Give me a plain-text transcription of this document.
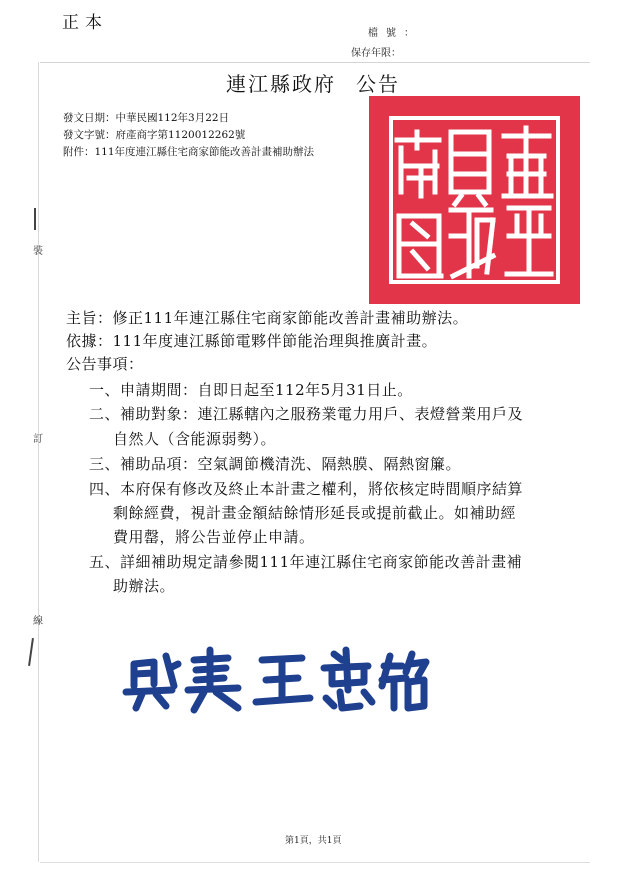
正本
檔號：
保存年限：
連江縣政府 公告
發文日期：中華民國112年3月22日
發文字號：府產商字第1120012262號
附件：111年度連江縣住宅商家節能改善計畫補助辦法
裝
訂
線
主旨：修正111年連江縣住宅商家節能改善計畫補助辦法。
依據：111年度連江縣節電夥伴節能治理與推廣計畫。
公告事項：
一、申請期間：自即日起至112年5月31日止。
二、補助對象：連江縣轄內之服務業電力用戶、表燈營業用戶及
自然人（含能源弱勢）。
三、補助品項：空氣調節機清洗、隔熱膜、隔熱窗簾。
四、本府保有修改及終止本計畫之權利，將依核定時間順序結算
剩餘經費，視計畫金額結餘情形延長或提前截止。如補助經
費用罄，將公告並停止申請。
五、詳細補助規定請參閱111年連江縣住宅商家節能改善計畫補
助辦法。
第1頁，共1頁
